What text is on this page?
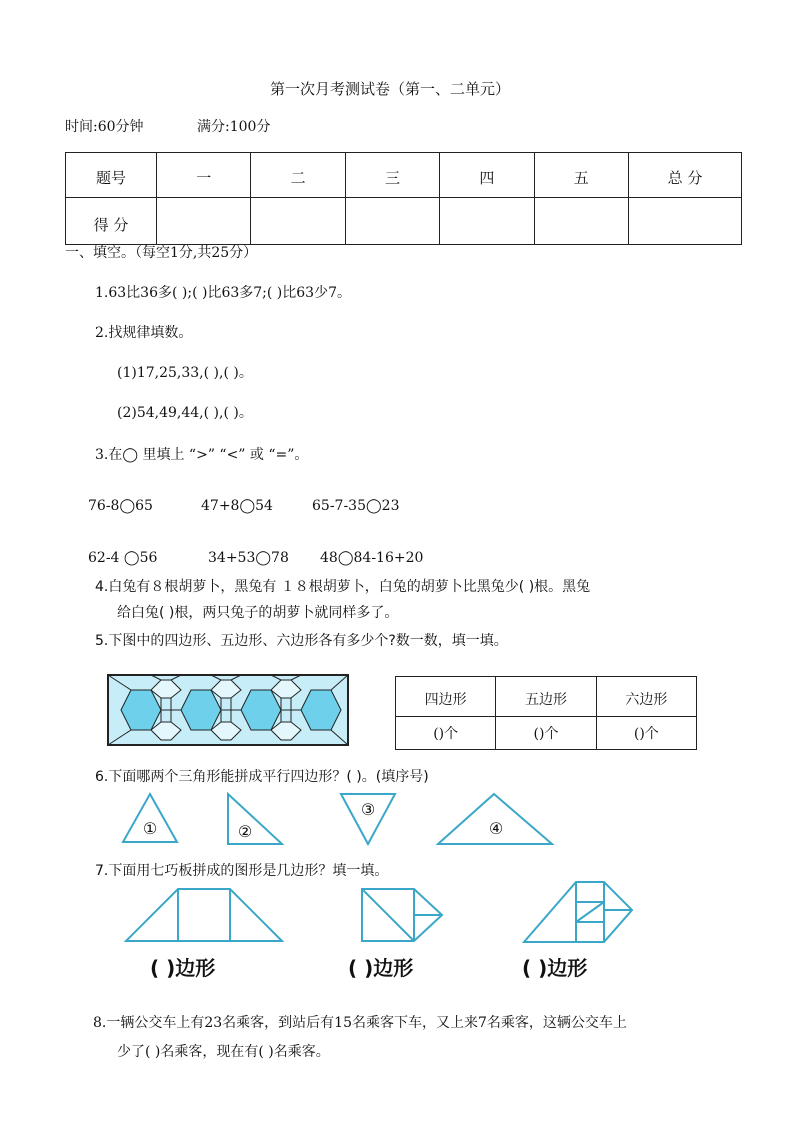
第一次月考测试卷（第一、二单元）
时间:60分钟	满分:100分
题号	一	二	三	四	五	总 分
得 分						
一、填空。（每空1分,共25分）
1.63比36多( );( )比63多7;( )比63少7。
2.找规律填数。
(1)17,25,33,( ),( )。
(2)54,49,44,( ),( )。
3.在◯ 里填上 “>” “<” 或 “=”。
76-8◯65	47+8◯54	65-7-35◯23
62-4 ◯56	34+53◯78 48◯84-16+20
4.白兔有８根胡萝卜，黑兔有 １８根胡萝卜，白兔的胡萝卜比黑兔少( )根。黑兔
给白兔( )根，两只兔子的胡萝卜就同样多了。
5.下图中的四边形、五边形、六边形各有多少个?数一数，填一填。
四边形	五边形	六边形
()个	()个	()个
6.下面哪两个三角形能拼成平行四边形？( )。(填序号)
①	②
③
④
7.下面用七巧板拼成的图形是几边形？填一填。
( )边形	( )边形	( )边形
8.一辆公交车上有23名乘客，到站后有15名乘客下车，又上来7名乘客，这辆公交车上
少了( )名乘客，现在有( )名乘客。
